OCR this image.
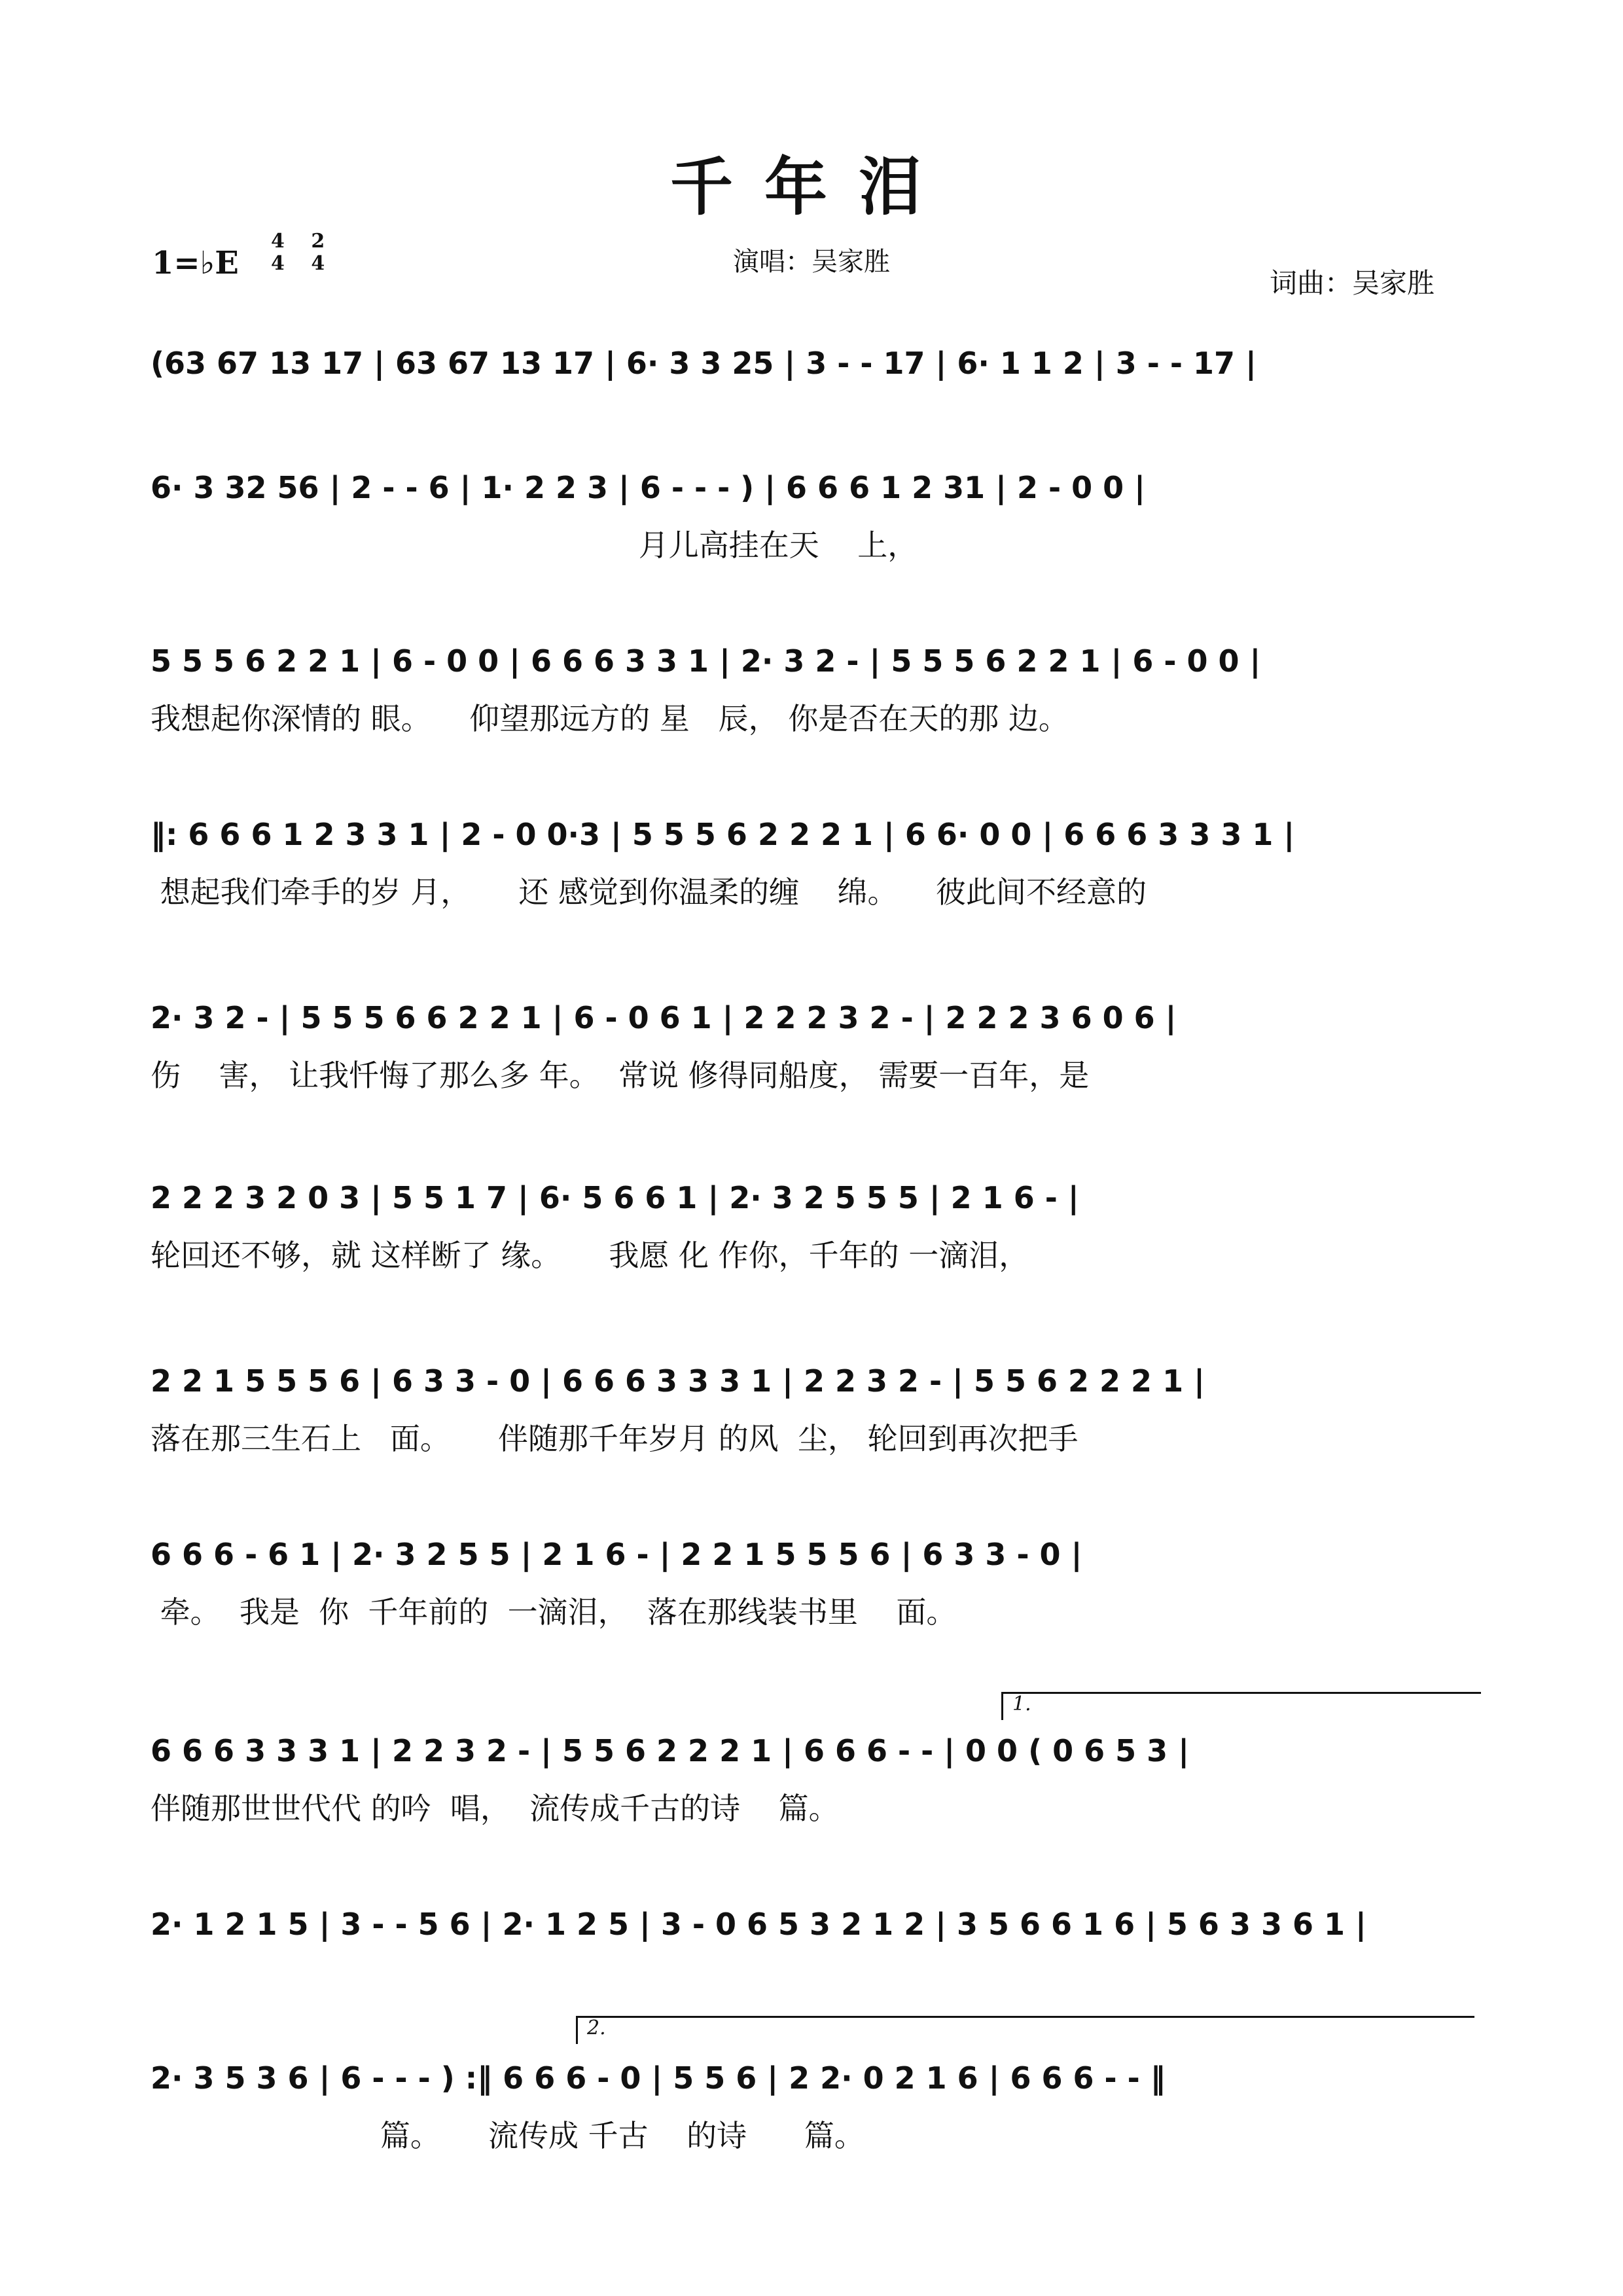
千年泪
演唱：吴家胜
1=♭E
4
4

2
4
词曲：吴家胜
(63 67 13 17 | 63 67 13 17 | 6· 3 3 25 | 3 - - 17 | 6· 1 1 2 | 3 - - 17 |
6· 3 32 56 | 2 - - 6 | 1· 2 2 3 | 6 - - - ) | 6 6 6 1 2 31 | 2 - 0 0 |
月儿高挂在天    上，
5 5 5 6 2 2 1 | 6 - 0 0 | 6 6 6 3 3 1 | 2· 3 2 - | 5 5 5 6 2 2 1 | 6 - 0 0 |
我想起你深情的 眼。    仰望那远方的 星   辰， 你是否在天的那 边。
‖: 6 6 6 1 2 3 3 1 | 2 - 0 0·3 | 5 5 5 6 2 2 2 1 | 6 6· 0 0 | 6 6 6 3 3 3 1 |
想起我们牵手的岁 月，     还 感觉到你温柔的缠    绵。    彼此间不经意的
2· 3 2 - | 5 5 5 6 6 2 2 1 | 6 - 0 6 1 | 2 2 2 3 2 - | 2 2 2 3 6 0 6 |
伤    害， 让我忏悔了那么多 年。  常说 修得同船度， 需要一百年，是
2 2 2 3 2 0 3 | 5 5 1 7 | 6· 5 6 6 1 | 2· 3 2 5 5 5 | 2 1 6 - |
轮回还不够，就 这样断了 缘。     我愿 化 作你，千年的 一滴泪，
2 2 1 5 5 5 6 | 6 3 3 - 0 | 6 6 6 3 3 3 1 | 2 2 3 2 - | 5 5 6 2 2 2 1 |
落在那三生石上   面。     伴随那千年岁月 的风  尘， 轮回到再次把手
6 6 6 - 6 1 | 2· 3 2 5 5 | 2 1 6 - | 2 2 1 5 5 5 6 | 6 3 3 - 0 |
牵。  我是  你  千年前的  一滴泪，  落在那线装书里    面。
1.
6 6 6 3 3 3 1 | 2 2 3 2 - | 5 5 6 2 2 2 1 | 6 6 6 - - | 0 0 ( 0 6 5 3 |
伴随那世世代代 的吟  唱，  流传成千古的诗    篇。
2· 1 2 1 5 | 3 - - 5 6 | 2· 1 2 5 | 3 - 0 6 5 3 2 1 2 | 3 5 6 6 1 6 | 5 6 3 3 6 1 |
2.
2· 3 5 3 6 | 6 - - - ) :‖ 6 6 6 - 0 | 5 5 6 | 2 2· 0 2 1 6 | 6 6 6 - - ‖
篇。     流传成 千古    的诗      篇。
